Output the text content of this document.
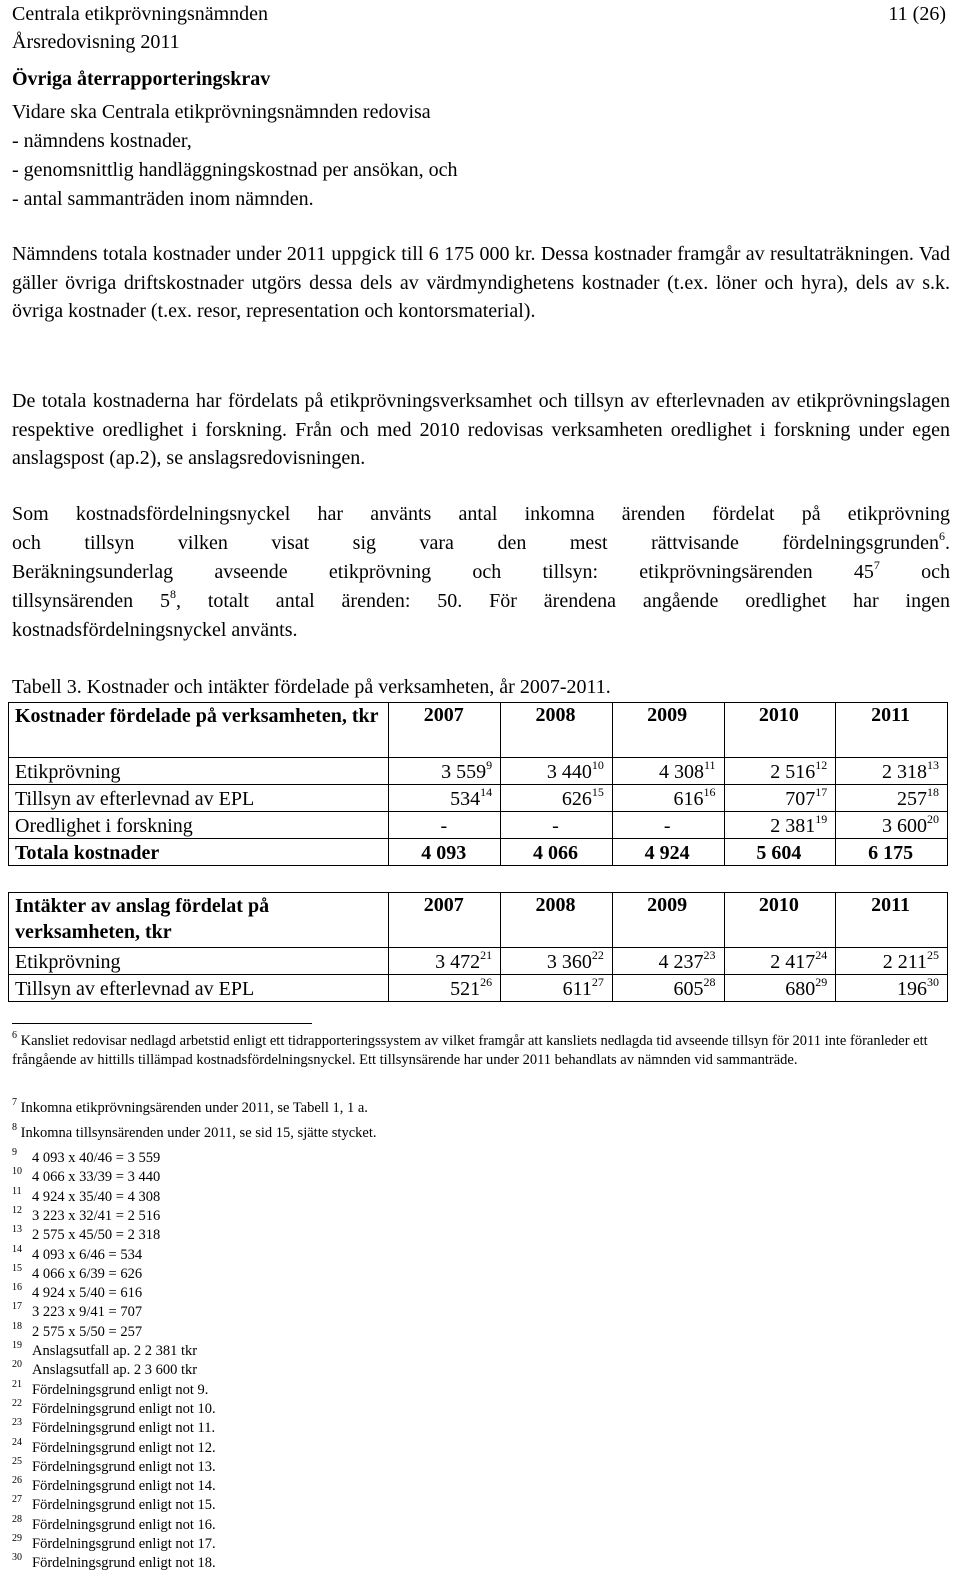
Centrala etikprövningsnämnden
Årsredovisning 2011
11 (26)
Övriga återrapporteringskrav
Vidare ska Centrala etikprövningsnämnden redovisa
- nämndens kostnader,
- genomsnittlig handläggningskostnad per ansökan, och
- antal sammanträden inom nämnden.
Nämndens totala kostnader under 2011 uppgick till 6 175 000 kr. Dessa kostnader framgår av resultaträkningen. Vad gäller övriga driftskostnader utgörs dessa dels av värdmyndighetens kostnader (t.ex. löner och hyra), dels av s.k. övriga kostnader (t.ex. resor, representation och kontorsmaterial).
De totala kostnaderna har fördelats på etikprövningsverksamhet och tillsyn av efterlevnaden av etikprövningslagen respektive oredlighet i forskning. Från och med 2010 redovisas verksamheten oredlighet i forskning under egen anslagspost (ap.2), se anslagsredovisningen.
Som kostnadsfördelningsnyckel har använts antal inkomna ärenden fördelat på etikprövning
och tillsyn vilken visat sig vara den mest rättvisande fördelningsgrunden$^6$.
Beräkningsunderlag avseende etikprövning och tillsyn: etikprövningsärenden $45^7$ och
tillsynsärenden $5^8$, totalt antal ärenden: 50. För ärendena angående oredlighet har ingen
kostnadsfördelningsnyckel använts.
Tabell 3. Kostnader och intäkter fördelade på verksamheten, år 2007-2011.
Kostnader fördelade på verksamheten, tkr	2007	2008	2009	2010	2011
Etikprövning	3 $559^9$	3 $440^{10}$	4 $308^{11}$	2 $516^{12}$	2 $318^{13}$
Tillsyn av efterlevnad av EPL	$534^{14}$	$626^{15}$	$616^{16}$	$707^{17}$	$257^{18}$
Oredlighet i forskning	-	-	-	2 $381^{19}$	3 $600^{20}$
Totala kostnader	4 093	4 066	4 924	5 604	6 175
Intäkter av anslag fördelat på verksamheten, tkr	2007	2008	2009	2010	2011
Etikprövning	3 $472^{21}$	3 $360^{22}$	4 $237^{23}$	2 $417^{24}$	2 $211^{25}$
Tillsyn av efterlevnad av EPL	$521^{26}$	$611^{27}$	$605^{28}$	$680^{29}$	$196^{30}$
$^6$ Kansliet redovisar nedlagd arbetstid enligt ett tidrapporteringssystem av vilket framgår att kansliets nedlagda tid avseende tillsyn för 2011 inte föranleder ett frångående av hittills tillämpad kostnadsfördelningsnyckel. Ett tillsynsärende har under 2011 behandlats av nämnden vid sammanträde.
$^7$ Inkomna etikprövningsärenden under 2011, se Tabell 1, 1 a.
$^8$ Inkomna tillsynsärenden under 2011, se sid 15, sjätte stycket.
9 4 093 x 40/46 = 3 559
10 4 066 x 33/39 = 3 440
11 4 924 x 35/40 = 4 308
12 3 223 x 32/41 = 2 516
13 2 575 x 45/50 = 2 318
14 4 093 x 6/46 = 534
15 4 066 x 6/39 = 626
16 4 924 x 5/40 = 616
17 3 223 x 9/41 = 707
18 2 575 x 5/50 = 257
19 Anslagsutfall ap. 2 2 381 tkr
20 Anslagsutfall ap. 2 3 600 tkr
21 Fördelningsgrund enligt not 9.
22 Fördelningsgrund enligt not 10.
23 Fördelningsgrund enligt not 11.
24 Fördelningsgrund enligt not 12.
25 Fördelningsgrund enligt not 13.
26 Fördelningsgrund enligt not 14.
27 Fördelningsgrund enligt not 15.
28 Fördelningsgrund enligt not 16.
29 Fördelningsgrund enligt not 17.
30 Fördelningsgrund enligt not 18.
